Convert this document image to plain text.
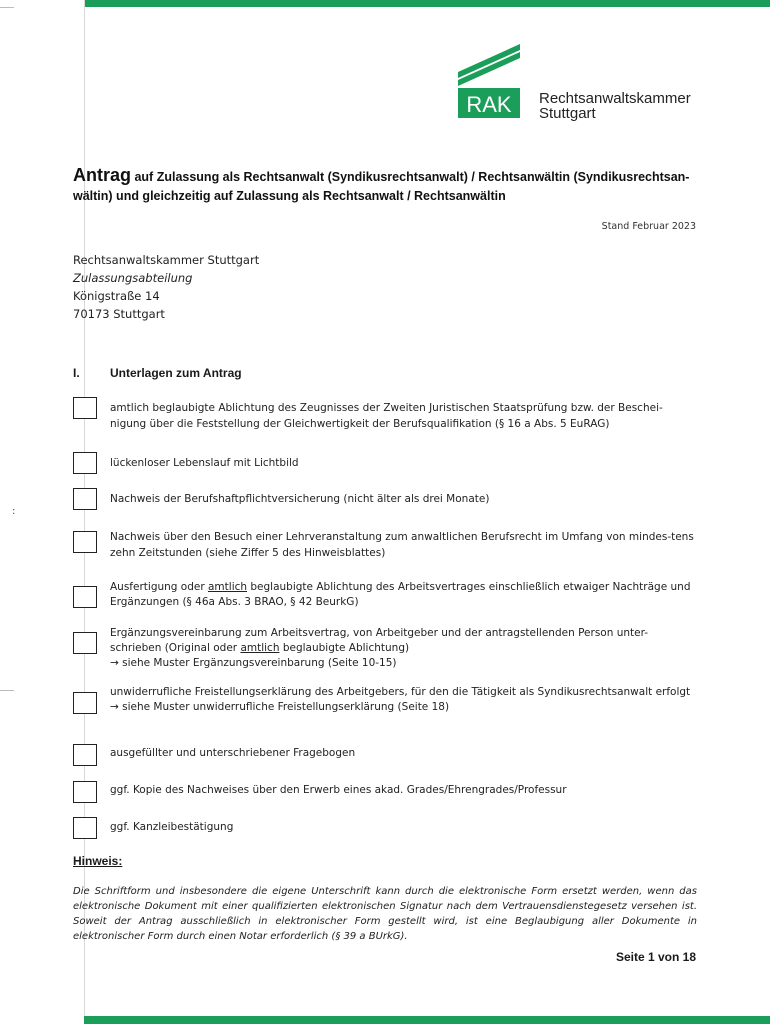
:
RAK Rechtsanwaltskammer
Stuttgart
Antrag auf Zulassung als Rechtsanwalt (Syndikusrechtsanwalt) / Rechtsanwältin (Syndikusrechtsan-wältin) und gleichzeitig auf Zulassung als Rechtsanwalt / Rechtsanwältin
Stand Februar 2023
Rechtsanwaltskammer Stuttgart
Zulassungsabteilung
Königstraße 14
70173 Stuttgart
I.	Unterlagen zum Antrag
amtlich beglaubigte Ablichtung des Zeugnisses der Zweiten Juristischen Staatsprüfung bzw. der Beschei-nigung über die Feststellung der Gleichwertigkeit der Berufsqualifikation (§ 16 a Abs. 5 EuRAG)
lückenloser Lebenslauf mit Lichtbild
Nachweis der Berufshaftpflichtversicherung (nicht älter als drei Monate)
Nachweis über den Besuch einer Lehrveranstaltung zum anwaltlichen Berufsrecht im Umfang von mindes-tens zehn Zeitstunden (siehe Ziffer 5 des Hinweisblattes)
Ausfertigung oder amtlich beglaubigte Ablichtung des Arbeitsvertrages einschließlich etwaiger Nachträge und Ergänzungen (§ 46a Abs. 3 BRAO, § 42 BeurkG)
Ergänzungsvereinbarung zum Arbeitsvertrag, von Arbeitgeber und der antragstellenden Person unter-schrieben (Original oder amtlich beglaubigte Ablichtung)
→ siehe Muster Ergänzungsvereinbarung (Seite 10-15)
unwiderrufliche Freistellungserklärung des Arbeitgebers, für den die Tätigkeit als Syndikusrechtsanwalt erfolgt
→ siehe Muster unwiderrufliche Freistellungserklärung (Seite 18)
ausgefüllter und unterschriebener Fragebogen
ggf. Kopie des Nachweises über den Erwerb eines akad. Grades/Ehrengrades/Professur
ggf. Kanzleibestätigung
Hinweis:
Die Schriftform und insbesondere die eigene Unterschrift kann durch die elektronische Form ersetzt werden, wenn das elektronische Dokument mit einer qualifizierten elektronischen Signatur nach dem Vertrauensdienstegesetz versehen ist. Soweit der Antrag ausschließlich in elektronischer Form gestellt wird, ist eine Beglaubigung aller Dokumente in elektronischer Form durch einen Notar erforderlich (§ 39 a BUrkG).
Seite 1 von 18
